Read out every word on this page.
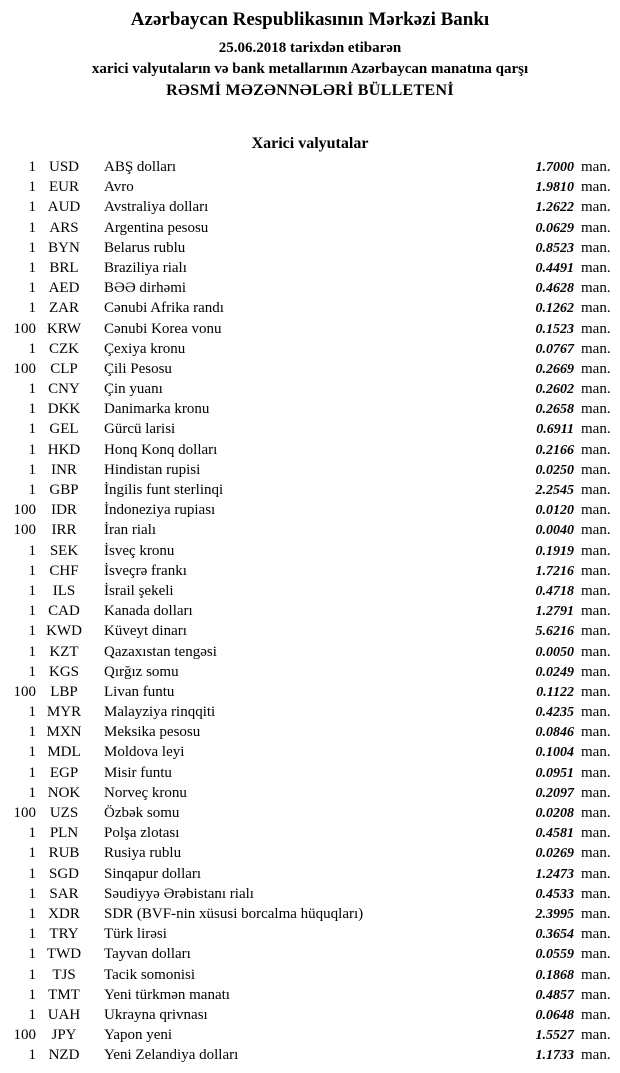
Azərbaycan Respublikasının Mərkəzi Bankı
25.06.2018 tarixdən etibarən
xarici valyutaların və bank metallarının Azərbaycan manatına qarşı
RƏSMİ MƏZƏNNƏLƏRİ BÜLLETENİ
Xarici valyutalar
1 USD	ABŞ dolları	1.7000 man.
1 EUR	Avro	1.9810 man.
1 AUD	Avstraliya dolları	1.2622 man.
1 ARS	Argentina pesosu	0.0629 man.
1 BYN	Belarus rublu	0.8523 man.
1 BRL	Braziliya rialı	0.4491 man.
1 AED	BƏƏ dirhəmi	0.4628 man.
1 ZAR	Cənubi Afrika randı	0.1262 man.
100 KRW	Cənubi Korea vonu	0.1523 man.
1 CZK	Çexiya kronu	0.0767 man.
100 CLP	Çili Pesosu	0.2669 man.
1 CNY	Çin yuanı	0.2602 man.
1 DKK	Danimarka kronu	0.2658 man.
1 GEL	Gürcü larisi	0.6911 man.
1 HKD	Honq Konq dolları	0.2166 man.
1	INR	Hindistan rupisi	0.0250 man.
1 GBP	İngilis funt sterlinqi	2.2545 man.
100	IDR	İndoneziya rupiası	0.0120 man.
100	IRR	İran rialı	0.0040 man.
1 SEK	İsveç kronu	0.1919 man.
1 CHF	İsveçrə frankı	1.7216 man.
1	ILS	İsrail şekeli	0.4718 man.
1 CAD	Kanada dolları	1.2791 man.
1 KWD	Küveyt dinarı	5.6216 man.
1 KZT	Qazaxıstan tengəsi	0.0050 man.
1 KGS	Qırğız somu	0.0249 man.
100 LBP	Livan funtu	0.1122 man.
1 MYR	Malayziya rinqqiti	0.4235 man.
1 MXN	Meksika pesosu	0.0846 man.
1 MDL	Moldova leyi	0.1004 man.
1 EGP	Misir funtu	0.0951 man.
1 NOK	Norveç kronu	0.2097 man.
100 UZS	Özbək somu	0.0208 man.
1 PLN	Polşa zlotası	0.4581 man.
1 RUB	Rusiya rublu	0.0269 man.
1 SGD	Sinqapur dolları	1.2473 man.
1 SAR	Səudiyyə Ərəbistanı rialı	0.4533 man.
1 XDR	SDR (BVF-nin xüsusi borcalma hüquqları)	2.3995 man.
1 TRY	Türk lirəsi	0.3654 man.
1 TWD	Tayvan dolları	0.0559 man.
1	TJS	Tacik somonisi	0.1868 man.
1 TMT	Yeni türkmən manatı	0.4857 man.
1 UAH	Ukrayna qrivnası	0.0648 man.
100	JPY	Yapon yeni	1.5527 man.
1 NZD	Yeni Zelandiya dolları	1.1733 man.
